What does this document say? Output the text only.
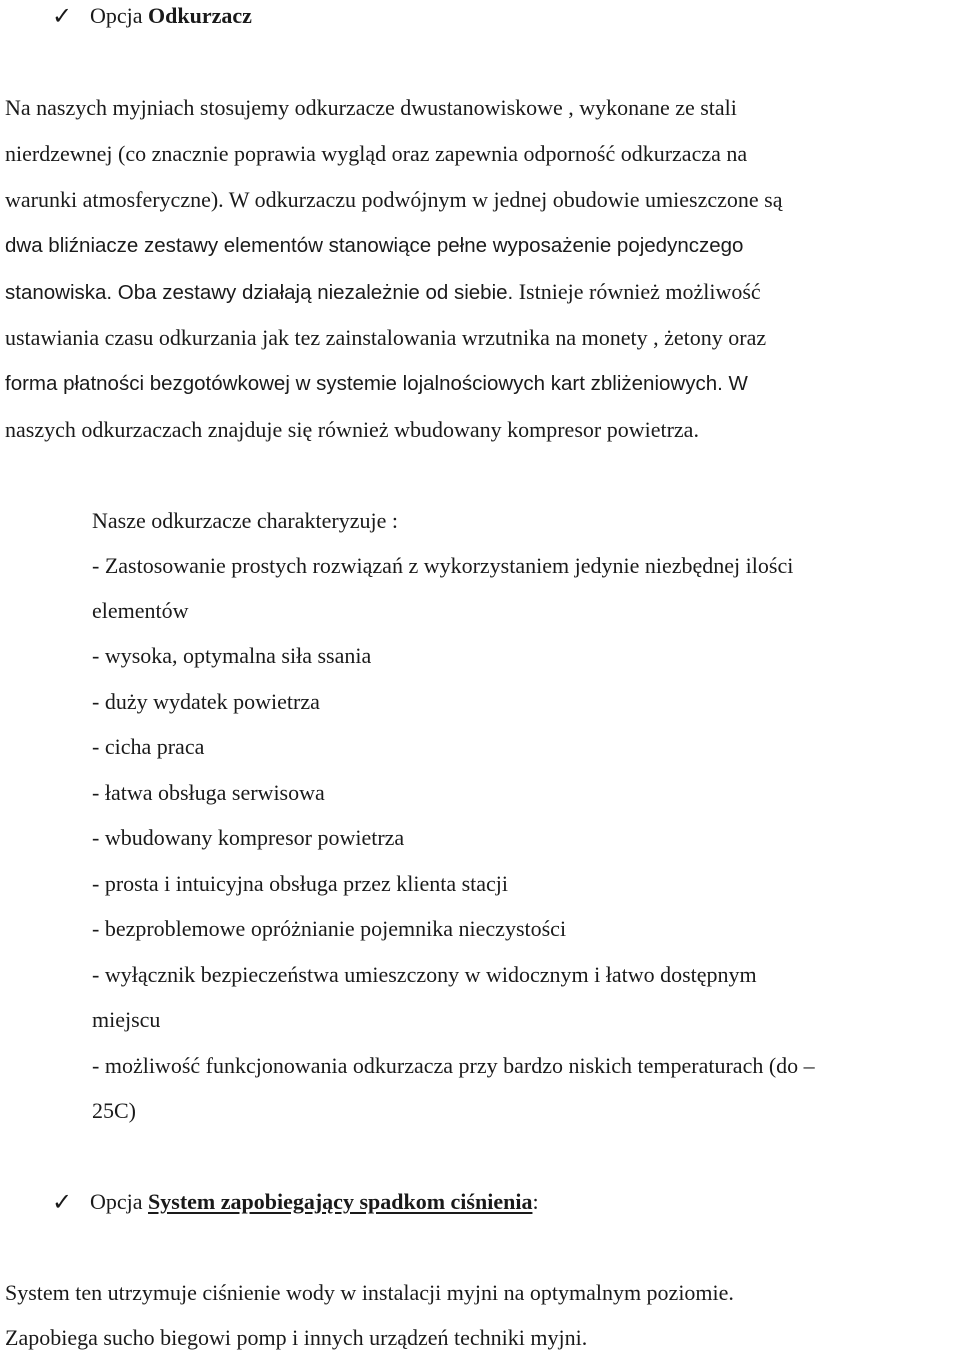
✓ Opcja Odkurzacz
Na naszych myjniach stosujemy odkurzacze dwustanowiskowe , wykonane ze stali
nierdzewnej (co znacznie poprawia wygląd oraz zapewnia odporność odkurzacza na
warunki atmosferyczne). W odkurzaczu podwójnym w jednej obudowie umieszczone są
dwa bliźniacze zestawy elementów stanowiące pełne wyposażenie pojedynczego
stanowiska. Oba zestawy działają niezależnie od siebie. Istnieje również możliwość
ustawiania czasu odkurzania jak tez zainstalowania wrzutnika na monety , żetony oraz
forma płatności bezgotówkowej w systemie lojalnościowych kart zbliżeniowych. W
naszych odkurzaczach znajduje się również wbudowany kompresor powietrza.
Nasze odkurzacze charakteryzuje :
- Zastosowanie prostych rozwiązań z wykorzystaniem jedynie niezbędnej ilości
elementów
- wysoka, optymalna siła ssania
- duży wydatek powietrza
- cicha praca
- łatwa obsługa serwisowa
- wbudowany kompresor powietrza
- prosta i intuicyjna obsługa przez klienta stacji
- bezproblemowe opróżnianie pojemnika nieczystości
- wyłącznik bezpieczeństwa umieszczony w widocznym i łatwo dostępnym
miejscu
- możliwość funkcjonowania odkurzacza przy bardzo niskich temperaturach (do –
25C)
✓ Opcja System zapobiegający spadkom ciśnienia:
System ten utrzymuje ciśnienie wody w instalacji myjni na optymalnym poziomie.
Zapobiega sucho biegowi pomp i innych urządzeń techniki myjni.
